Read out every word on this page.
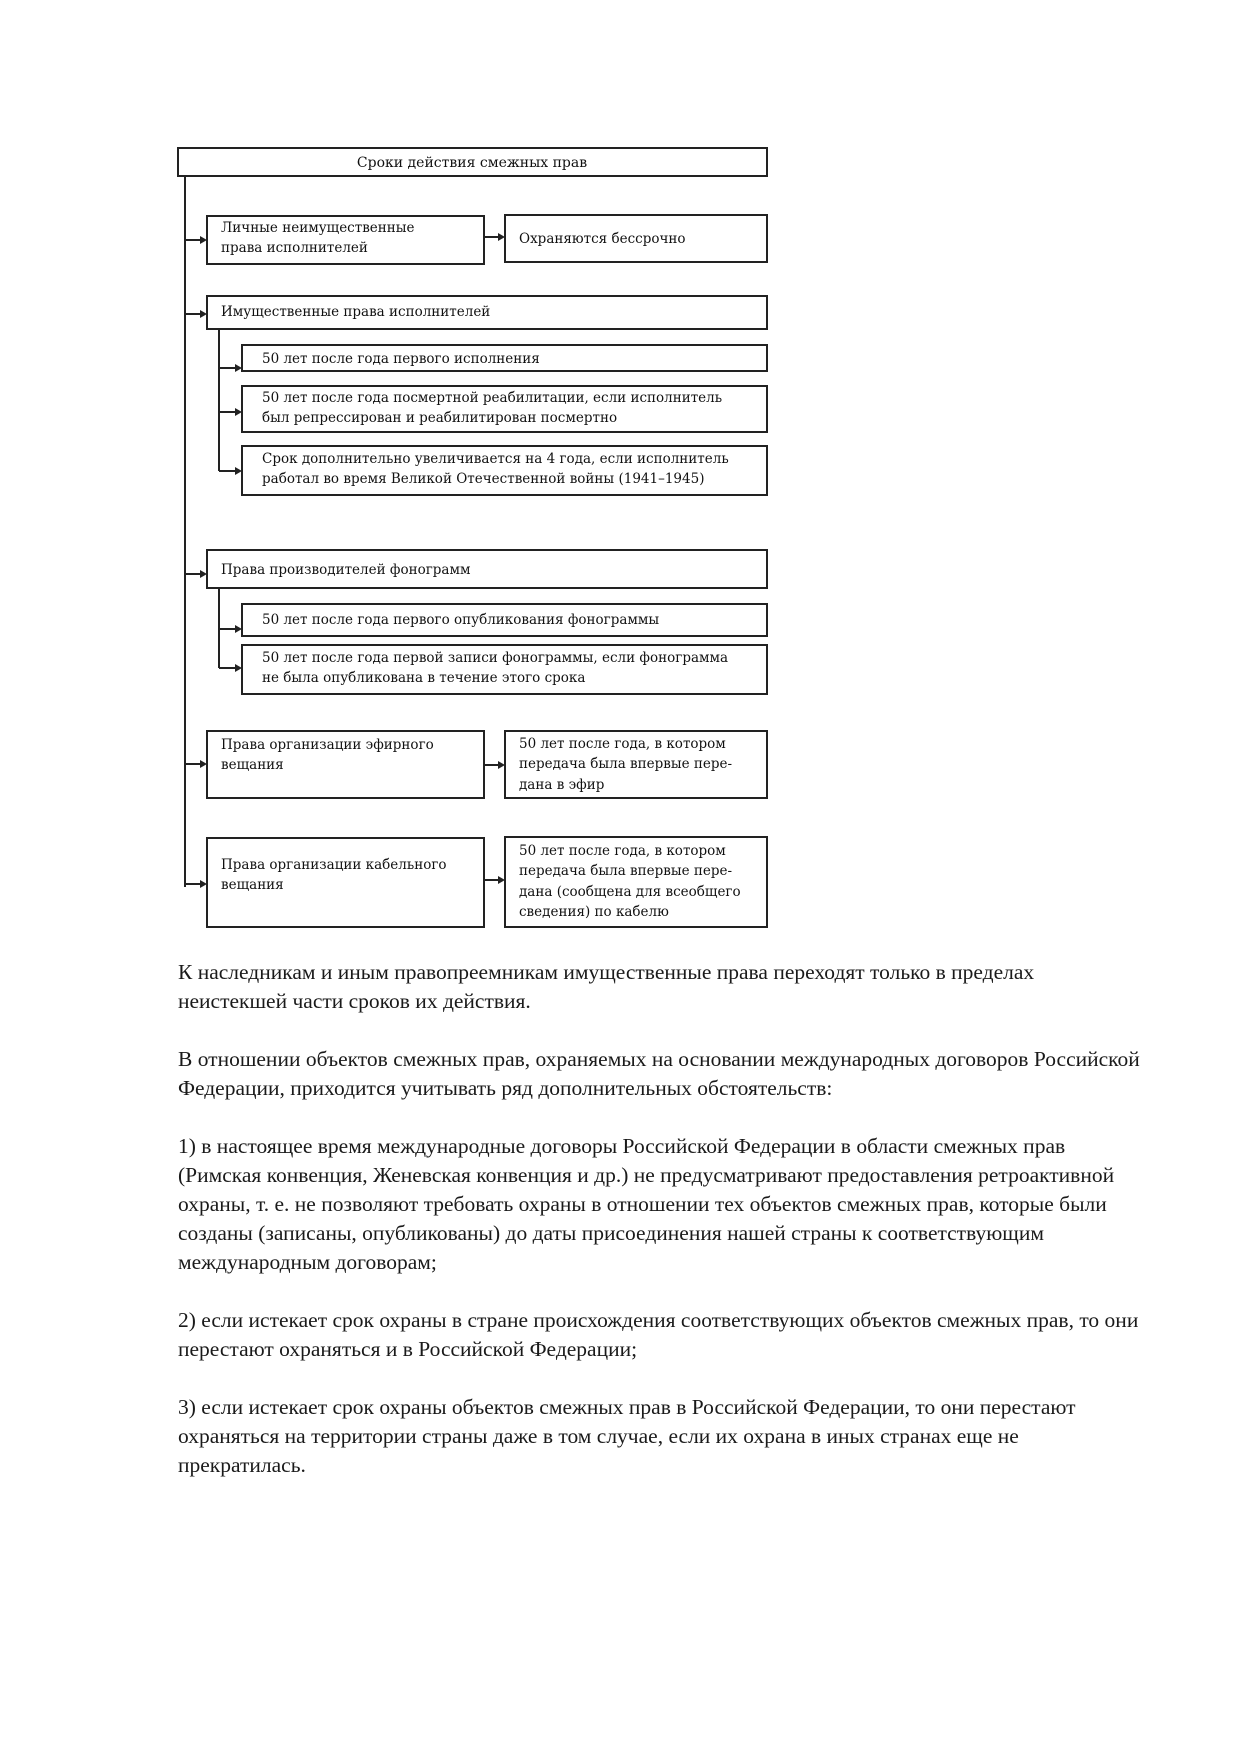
Сроки действия смежных прав
Личные неимущественные
права исполнителей
Охраняются бессрочно
Имущественные права исполнителей
50 лет после года первого исполнения
50 лет после года посмертной реабилитации, если исполнитель
был репрессирован и реабилитирован посмертно
Срок дополнительно увеличивается на 4 года, если исполнитель
работал во время Великой Отечественной войны (1941–1945)
Права производителей фонограмм
50 лет после года первого опубликования фонограммы
50 лет после года первой записи фонограммы, если фонограмма
не была опубликована в течение этого срока
Права организации эфирного
вещания
50 лет после года, в котором
передача была впервые пере-
дана в эфир
Права организации кабельного
вещания
50 лет после года, в котором
передача была впервые пере-
дана (сообщена для всеобщего
сведения) по кабелю

К наследникам и иным правопреемникам имущественные права переходят только в пределах неистекшей части сроков их действия.

В отношении объектов смежных прав, охраняемых на основании международных договоров Российской Федерации, приходится учитывать ряд дополнительных обстоятельств:

1) в настоящее время международные договоры Российской Федерации в области смежных прав (Римская конвенция, Женевская конвенция и др.) не предусматривают предоставления ретроактивной охраны, т. е. не позволяют требовать охраны в отношении тех объектов смежных прав, которые были созданы (записаны, опубликованы) до даты присоединения нашей страны к соответствующим международным договорам;

2) если истекает срок охраны в стране происхождения соответствующих объектов смежных прав, то они перестают охраняться и в Российской Федерации;

3) если истекает срок охраны объектов смежных прав в Российской Федерации, то они перестают охраняться на территории страны даже в том случае, если их охрана в иных странах еще не прекратилась.
